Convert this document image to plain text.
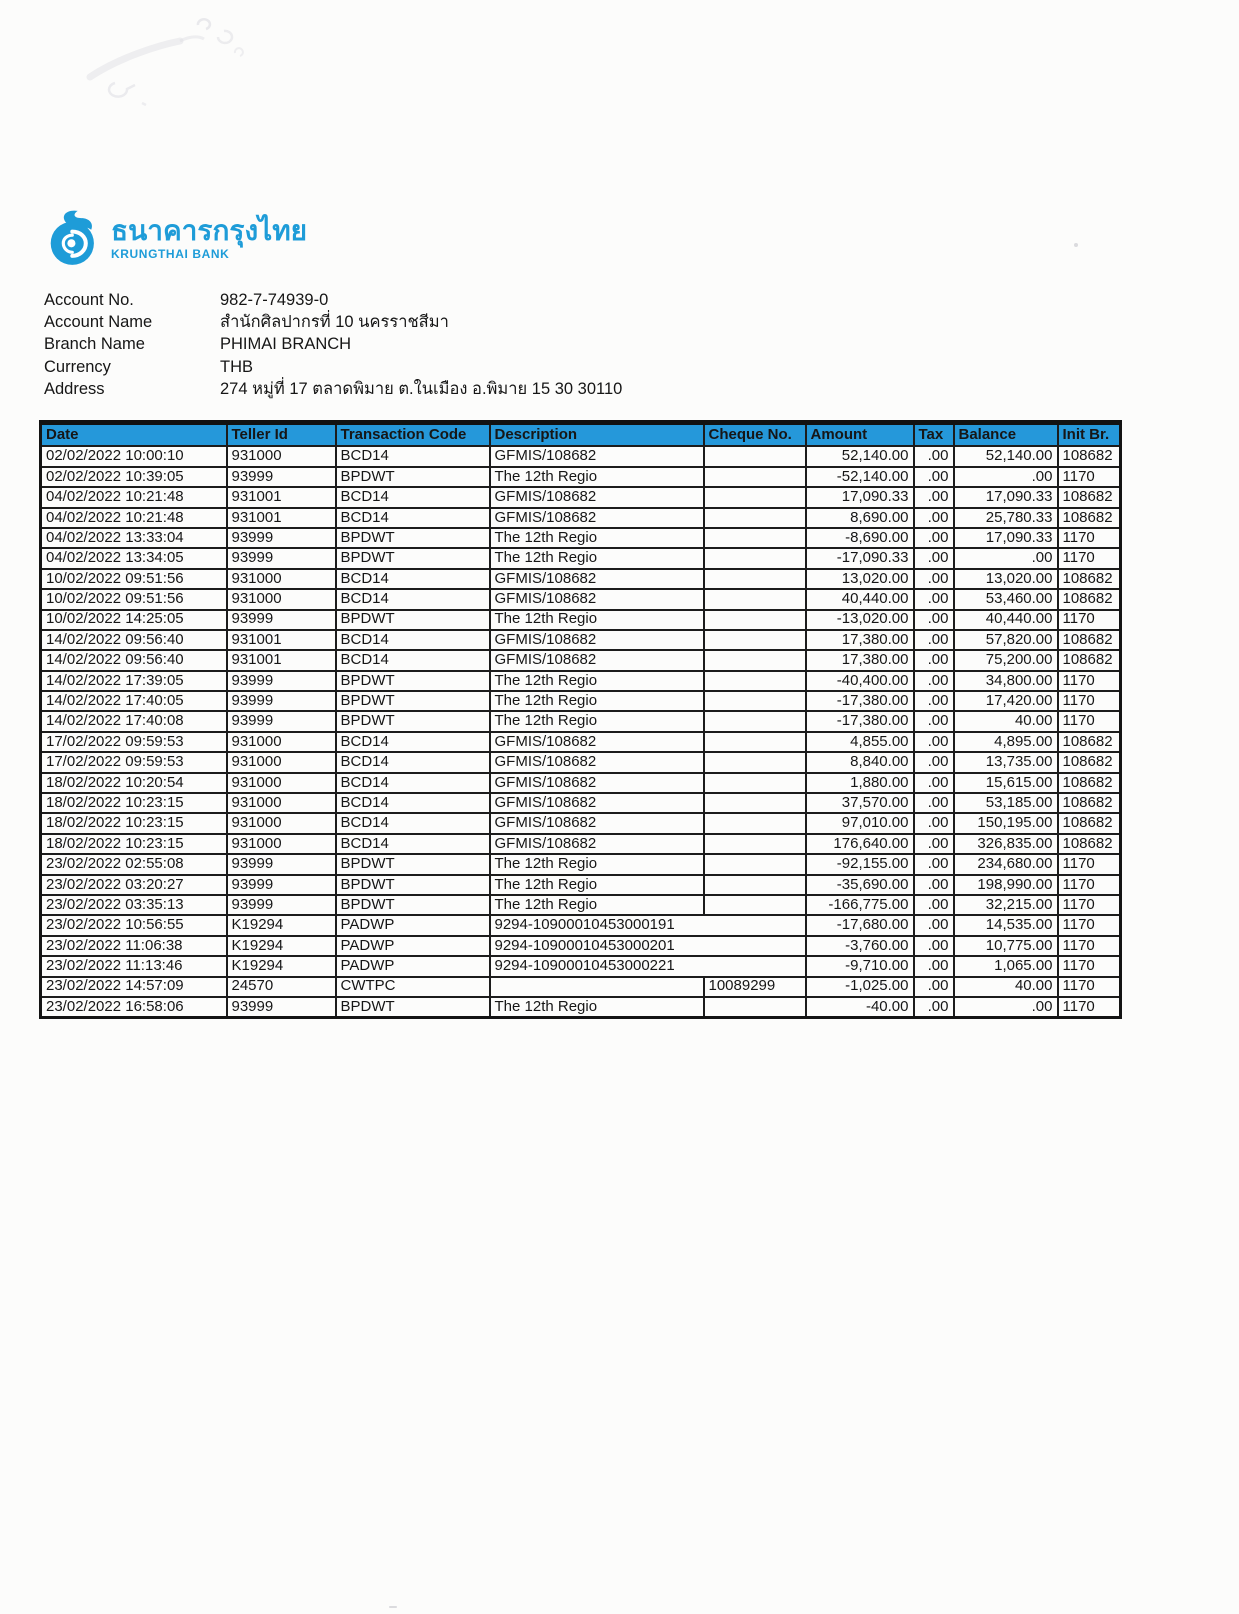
ธนาคารกรุงไทย
KRUNGTHAI BANK
Account No.	982-7-74939-0
Account Name	สำนักศิลปากรที่ 10 นครราชสีมา
Branch Name	PHIMAI BRANCH
Currency	THB
Address	274 หมู่ที่ 17 ตลาดพิมาย ต.ในเมือง อ.พิมาย 15 30 30110
Date	Teller Id	Transaction Code	Description	Cheque No.	Amount	Tax	Balance	Init Br.
02/02/2022 10:00:10	931000	BCD14	GFMIS/108682		52,140.00	.00	52,140.00	108682
02/02/2022 10:39:05	93999	BPDWT	The 12th Regio		-52,140.00	.00	.00	1170
04/02/2022 10:21:48	931001	BCD14	GFMIS/108682		17,090.33	.00	17,090.33	108682
04/02/2022 10:21:48	931001	BCD14	GFMIS/108682		8,690.00	.00	25,780.33	108682
04/02/2022 13:33:04	93999	BPDWT	The 12th Regio		-8,690.00	.00	17,090.33	1170
04/02/2022 13:34:05	93999	BPDWT	The 12th Regio		-17,090.33	.00	.00	1170
10/02/2022 09:51:56	931000	BCD14	GFMIS/108682		13,020.00	.00	13,020.00	108682
10/02/2022 09:51:56	931000	BCD14	GFMIS/108682		40,440.00	.00	53,460.00	108682
10/02/2022 14:25:05	93999	BPDWT	The 12th Regio		-13,020.00	.00	40,440.00	1170
14/02/2022 09:56:40	931001	BCD14	GFMIS/108682		17,380.00	.00	57,820.00	108682
14/02/2022 09:56:40	931001	BCD14	GFMIS/108682		17,380.00	.00	75,200.00	108682
14/02/2022 17:39:05	93999	BPDWT	The 12th Regio		-40,400.00	.00	34,800.00	1170
14/02/2022 17:40:05	93999	BPDWT	The 12th Regio		-17,380.00	.00	17,420.00	1170
14/02/2022 17:40:08	93999	BPDWT	The 12th Regio		-17,380.00	.00	40.00	1170
17/02/2022 09:59:53	931000	BCD14	GFMIS/108682		4,855.00	.00	4,895.00	108682
17/02/2022 09:59:53	931000	BCD14	GFMIS/108682		8,840.00	.00	13,735.00	108682
18/02/2022 10:20:54	931000	BCD14	GFMIS/108682		1,880.00	.00	15,615.00	108682
18/02/2022 10:23:15	931000	BCD14	GFMIS/108682		37,570.00	.00	53,185.00	108682
18/02/2022 10:23:15	931000	BCD14	GFMIS/108682		97,010.00	.00	150,195.00	108682
18/02/2022 10:23:15	931000	BCD14	GFMIS/108682		176,640.00	.00	326,835.00	108682
23/02/2022 02:55:08	93999	BPDWT	The 12th Regio		-92,155.00	.00	234,680.00	1170
23/02/2022 03:20:27	93999	BPDWT	The 12th Regio		-35,690.00	.00	198,990.00	1170
23/02/2022 03:35:13	93999	BPDWT	The 12th Regio		-166,775.00	.00	32,215.00	1170
23/02/2022 10:56:55	K19294	PADWP	9294-10900010453000191		-17,680.00	.00	14,535.00	1170
23/02/2022 11:06:38	K19294	PADWP	9294-10900010453000201		-3,760.00	.00	10,775.00	1170
23/02/2022 11:13:46	K19294	PADWP	9294-10900010453000221		-9,710.00	.00	1,065.00	1170
23/02/2022 14:57:09	24570	CWTPC		10089299	-1,025.00	.00	40.00	1170
23/02/2022 16:58:06	93999	BPDWT	The 12th Regio		-40.00	.00	.00	1170
